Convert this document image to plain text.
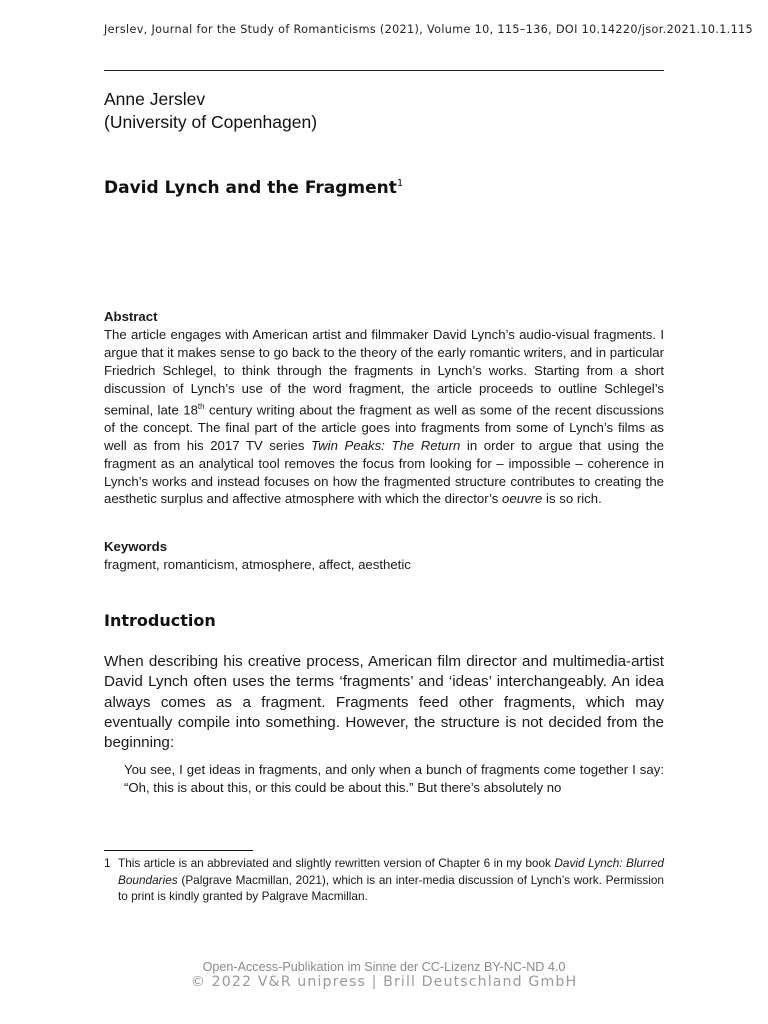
Jerslev, Journal for the Study of Romanticisms (2021), Volume 10, 115–136, DOI 10.14220/jsor.2021.10.1.115
Anne Jerslev
(University of Copenhagen)
David Lynch and the Fragment$^1$
Abstract
The article engages with American artist and filmmaker David Lynch’s audio-visual fragments. I argue that it makes sense to go back to the theory of the early romantic writers, and in particular Friedrich Schlegel, to think through the fragments in Lynch’s works. Starting from a short discussion of Lynch’s use of the word fragment, the article proceeds to outline Schlegel’s seminal, late 18th century writing about the fragment as well as some of the recent discussions of the concept. The final part of the article goes into fragments from some of Lynch’s films as well as from his 2017 TV series Twin Peaks: The Return in order to argue that using the fragment as an analytical tool removes the focus from looking for – impossible – coherence in Lynch’s works and instead focuses on how the fragmented structure contributes to creating the aesthetic surplus and affective atmosphere with which the director’s oeuvre is so rich.
Keywords
fragment, romanticism, atmosphere, affect, aesthetic
Introduction
When describing his creative process, American film director and multimedia-artist David Lynch often uses the terms ‘fragments’ and ‘ideas’ interchangeably. An idea always comes as a fragment. Fragments feed other fragments, which may eventually compile into something. However, the structure is not decided from the beginning:
You see, I get ideas in fragments, and only when a bunch of fragments come together I say: “Oh, this is about this, or this could be about this.” But there’s absolutely no
1 This article is an abbreviated and slightly rewritten version of Chapter 6 in my book David Lynch: Blurred Boundaries (Palgrave Macmillan, 2021), which is an inter-media discussion of Lynch’s work. Permission to print is kindly granted by Palgrave Macmillan.
Open-Access-Publikation im Sinne der CC-Lizenz BY-NC-ND 4.0
© 2022 V&R unipress | Brill Deutschland GmbH
